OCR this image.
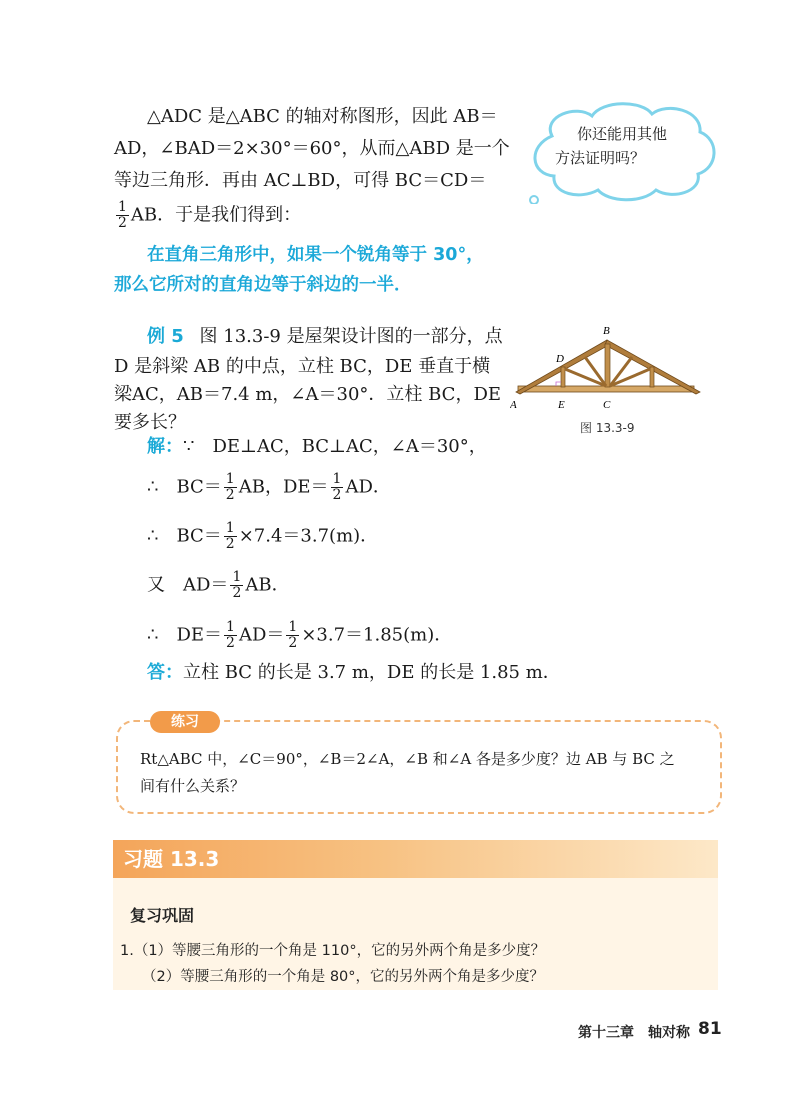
△ADC 是△ABC 的轴对称图形，因此 AB＝
AD，∠BAD＝2×30°＝60°，从而△ABD 是一个
等边三角形．再由 AC⊥BD，可得 BC＝CD＝
$\frac{1}{2}$ AB．于是我们得到：
你还能用其他
方法证明吗？
在直角三角形中，如果一个锐角等于 30°，
那么它所对的直角边等于斜边的一半．
例 5 图 13.3-9 是屋架设计图的一部分，点
D 是斜梁 AB 的中点，立柱 BC，DE 垂直于横
梁AC，AB＝7.4 m，∠A＝30°．立柱 BC，DE
要多长？
A
B
C
D
E
图 13.3-9
解：∵　DE⊥AC，BC⊥AC，∠A＝30°，
∴　$BC= \frac{1}{2}$ AB，$DE= \frac{1}{2}$ AD．
∴　$BC= \frac{1}{2} \times 7.4=3.7(m)$．
又　$AD= \frac{1}{2}$ AB．
∴　$DE= \frac{1}{2} AD= \frac{1}{2} \times 3.7=1.85(m)$．
答：立柱 BC 的长是 3.7 m，DE 的长是 1.85 m．
练习
Rt△ABC 中，∠C＝90°，∠B＝2∠A，∠B 和∠A 各是多少度？边 AB 与 BC 之
间有什么关系？
习题 13.3
复习巩固
1.（1）等腰三角形的一个角是 110°，它的另外两个角是多少度？
（2）等腰三角形的一个角是 80°，它的另外两个角是多少度？
第十三章　轴对称 81
